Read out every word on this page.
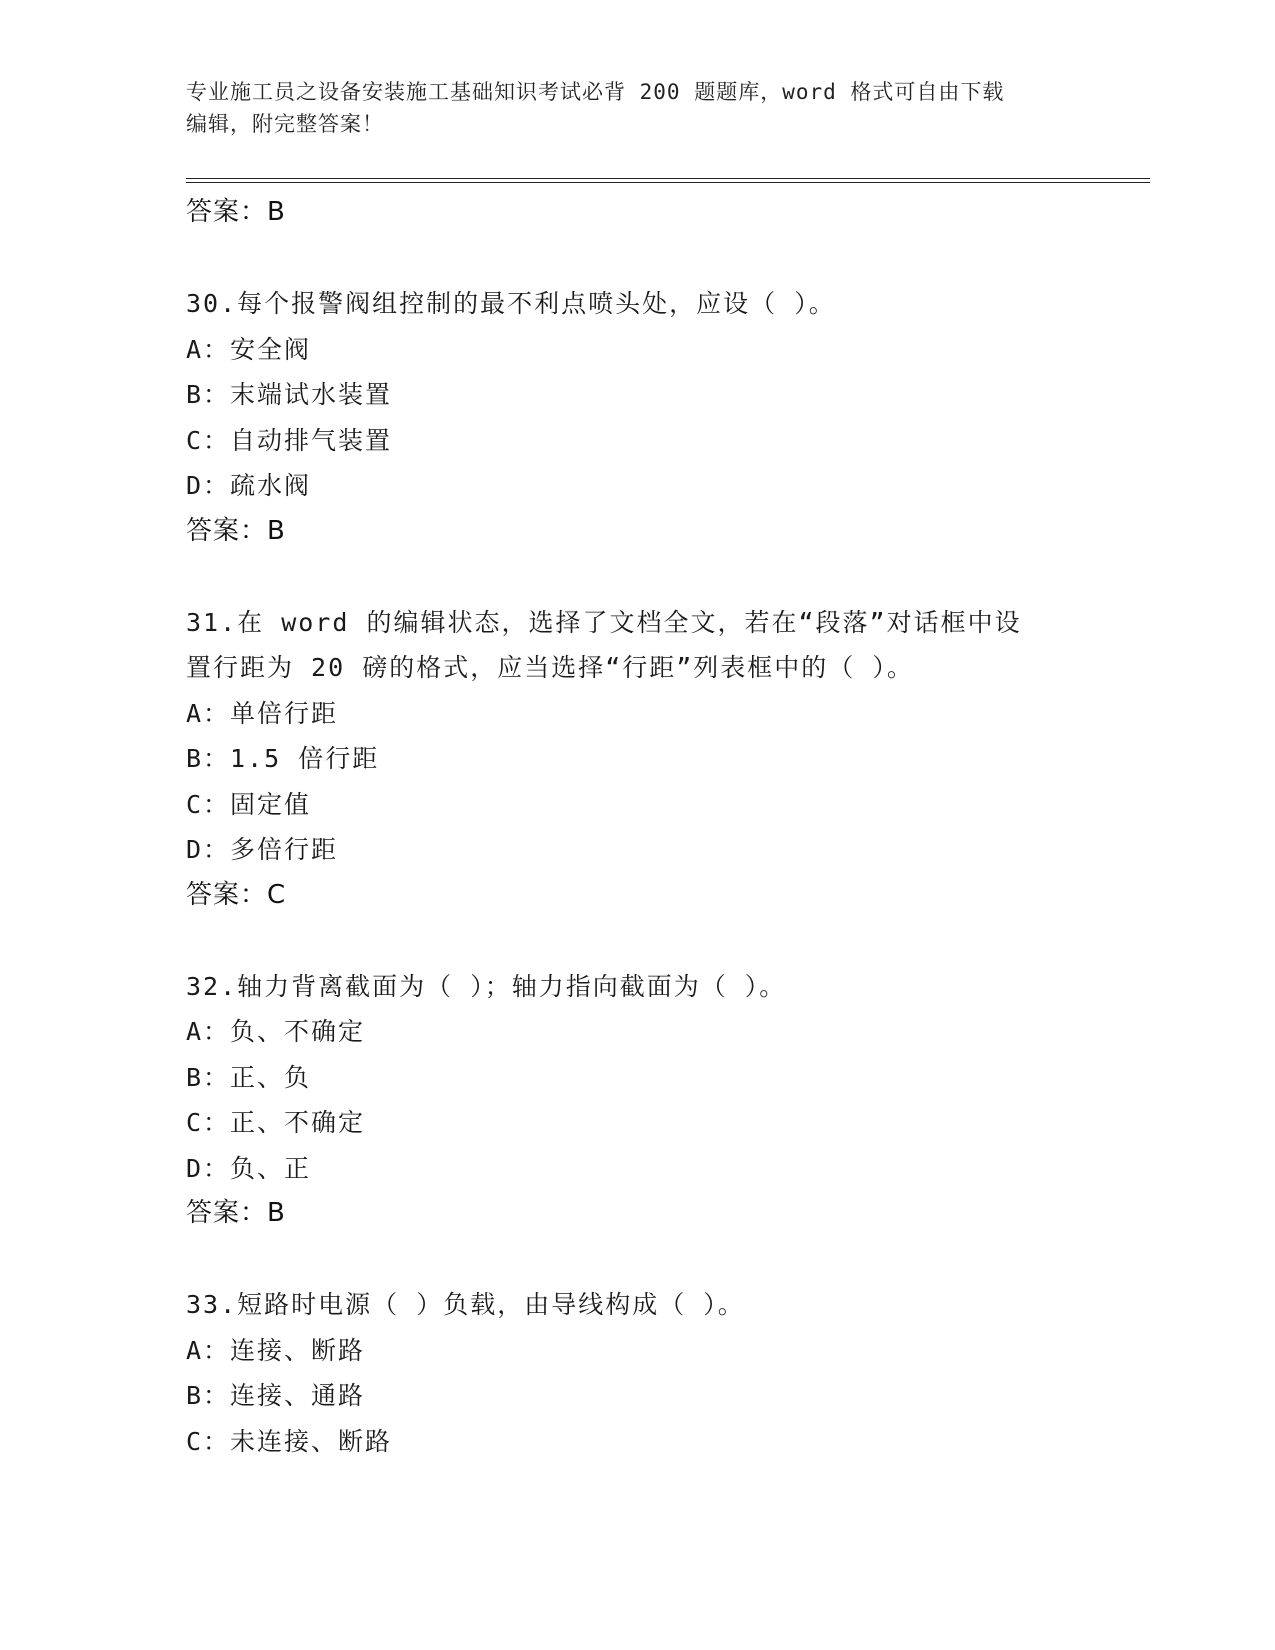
专业施工员之设备安装施工基础知识考试必背 200 题题库，word 格式可自由下载
编辑，附完整答案！
答案：B
30.每个报警阀组控制的最不利点喷头处，应设（ ）。
A：安全阀
B：末端试水装置
C：自动排气装置
D：疏水阀
答案：B
31.在 word 的编辑状态，选择了文档全文，若在“段落”对话框中设
置行距为 20 磅的格式，应当选择“行距”列表框中的（ ）。
A：单倍行距
B：1.5 倍行距
C：固定值
D：多倍行距
答案：C
32.轴力背离截面为（ ）；轴力指向截面为（ ）。
A：负、不确定
B：正、负
C：正、不确定
D：负、正
答案：B
33.短路时电源（ ）负载，由导线构成（ ）。
A：连接、断路
B：连接、通路
C：未连接、断路
